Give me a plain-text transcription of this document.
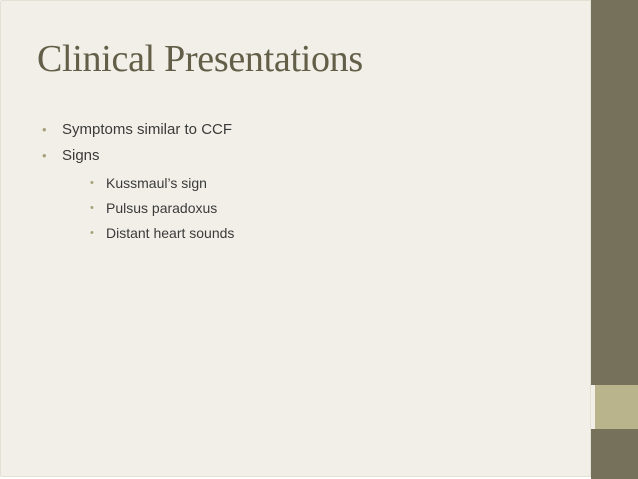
Clinical Presentations
• Symptoms similar to CCF
• Signs
• Kussmaul’s sign
• Pulsus paradoxus
• Distant heart sounds
